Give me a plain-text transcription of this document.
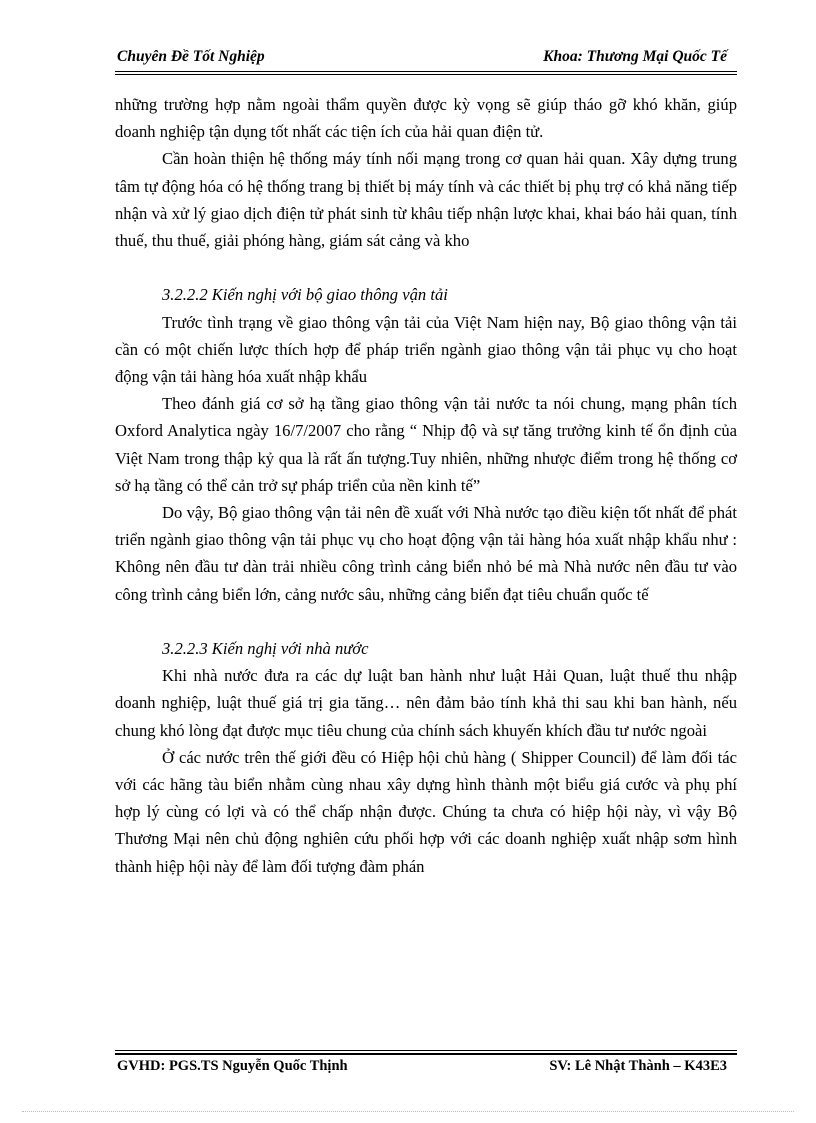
Chuyên Đề Tốt Nghiệp	Khoa: Thương Mại Quốc Tế

những trường hợp nằm ngoài thẩm quyền được kỳ vọng sẽ giúp tháo gỡ khó khăn, giúp doanh nghiệp tận dụng tốt nhất các tiện ích của hải quan điện tử.

Cần hoàn thiện hệ thống máy tính nối mạng trong cơ quan hải quan. Xây dựng trung tâm tự động hóa có hệ thống trang bị thiết bị máy tính và các thiết bị phụ trợ có khả năng tiếp nhận và xử lý giao dịch điện tử phát sinh từ khâu tiếp nhận lược khai, khai báo hải quan, tính thuế, thu thuế, giải phóng hàng, giám sát cảng và kho

3.2.2.2 Kiến nghị với bộ giao thông vận tải

Trước tình trạng về giao thông vận tải của Việt Nam hiện nay, Bộ giao thông vận tải cần có một chiến lược thích hợp để pháp triển ngành giao thông vận tải phục vụ cho hoạt động vận tải hàng hóa xuất nhập khẩu

Theo đánh giá cơ sở hạ tầng giao thông vận tải nước ta nói chung, mạng phân tích Oxford Analytica ngày 16/7/2007 cho rằng “ Nhịp độ và sự tăng trưởng kinh tế ổn định của Việt Nam trong thập kỷ qua là rất ấn tượng.Tuy nhiên, những nhược điểm trong hệ thống cơ sở hạ tầng có thể cản trở sự pháp triển của nền kinh tế”

Do vậy, Bộ giao thông vận tải nên đề xuất với Nhà nước tạo điều kiện tốt nhất để phát triển ngành giao thông vận tải phục vụ cho hoạt động vận tải hàng hóa xuất nhập khẩu như : Không nên đầu tư dàn trải nhiều công trình cảng biển nhỏ bé mà Nhà nước nên đầu tư vào công trình cảng biển lớn, cảng nước sâu, những cảng biển đạt tiêu chuẩn quốc tế

3.2.2.3 Kiến nghị với nhà nước

Khi nhà nước đưa ra các dự luật ban hành như luật Hải Quan, luật thuế thu nhập doanh nghiệp, luật thuế giá trị gia tăng… nên đảm bảo tính khả thi sau khi ban hành, nếu chung khó lòng đạt được mục tiêu chung của chính sách khuyến khích đầu tư nước ngoài

Ở các nước trên thế giới đều có Hiệp hội chủ hàng ( Shipper Council) để làm đối tác với các hãng tàu biển nhằm cùng nhau xây dựng hình thành một biểu giá cước và phụ phí hợp lý cùng có lợi và có thể chấp nhận được. Chúng ta chưa có hiệp hội này, vì vậy Bộ Thương Mại nên chủ động nghiên cứu phối hợp với các doanh nghiệp xuất nhập sơm hình thành hiệp hội này để làm đối tượng đàm phán

GVHD: PGS.TS Nguyễn Quốc Thịnh	SV: Lê Nhật Thành – K43E3
